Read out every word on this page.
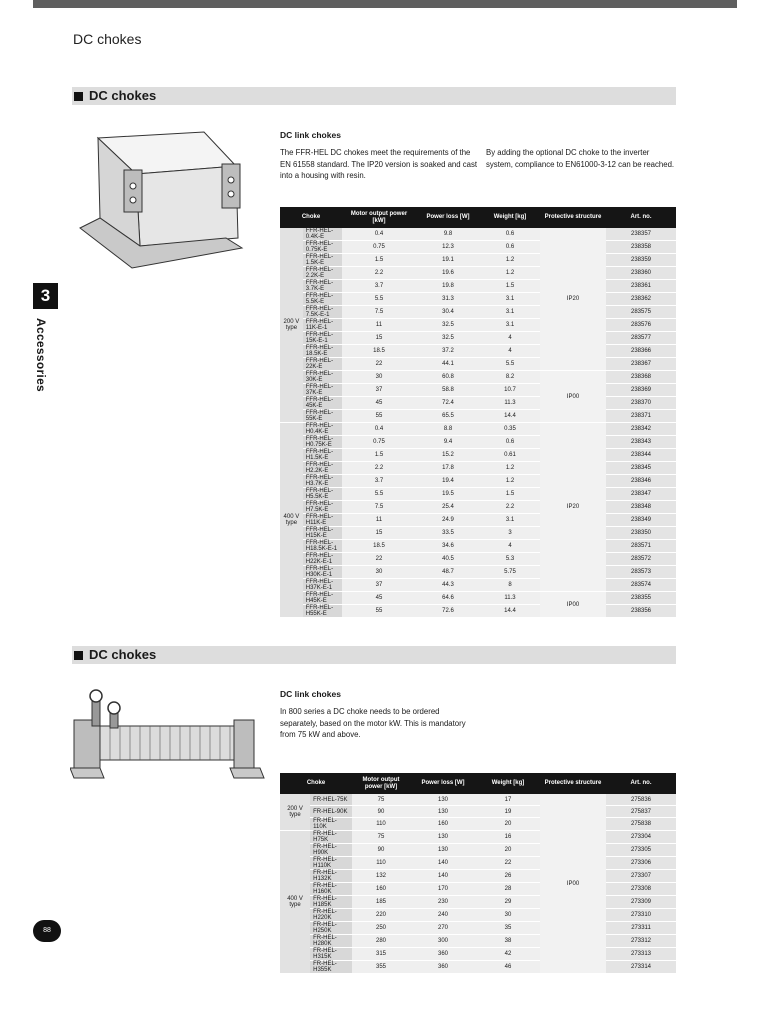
DC chokes
3
Accessories
88
DC chokes
DC link chokes
The FFR-HEL DC chokes meet the requirements of the EN 61558 standard. The IP20 version is soaked and cast into a housing with resin.
By adding the optional DC choke to the inverter system, compliance to EN61000-3-12 can be reached.
Choke		Motor output power [kW]	Power loss [W]	Weight [kg]	Protective structure	Art. no.
200 V type	FFR-HEL-0.4K-E	0.4	9.8	0.6	IP20	238357
	FFR-HEL-0.75K-E	0.75	12.3	0.6		238358
	FFR-HEL-1.5K-E	1.5	19.1	1.2		238359
	FFR-HEL-2.2K-E	2.2	19.6	1.2		238360
	FFR-HEL-3.7K-E	3.7	19.8	1.5		238361
	FFR-HEL-5.5K-E	5.5	31.3	3.1		238362
	FFR-HEL-7.5K-E-1	7.5	30.4	3.1		283575
	FFR-HEL-11K-E-1	11	32.5	3.1		283576
	FFR-HEL-15K-E-1	15	32.5	4		283577
	FFR-HEL-18.5K-E	18.5	37.2	4		238366
	FFR-HEL-22K-E	22	44.1	5.5		238367
	FFR-HEL-30K-E	30	60.8	8.2	IP00	238368
	FFR-HEL-37K-E	37	58.8	10.7		238369
	FFR-HEL-45K-E	45	72.4	11.3		238370
	FFR-HEL-55K-E	55	65.5	14.4		238371
400 V type	FFR-HEL-H0.4K-E	0.4	8.8	0.35	IP20	238342
	FFR-HEL-H0.75K-E	0.75	9.4	0.6		238343
	FFR-HEL-H1.5K-E	1.5	15.2	0.61		238344
	FFR-HEL-H2.2K-E	2.2	17.8	1.2		238345
	FFR-HEL-H3.7K-E	3.7	19.4	1.2		238346
	FFR-HEL-H5.5K-E	5.5	19.5	1.5		238347
	FFR-HEL-H7.5K-E	7.5	25.4	2.2		238348
	FFR-HEL-H11K-E	11	24.9	3.1		238349
	FFR-HEL-H15K-E	15	33.5	3		238350
	FFR-HEL-H18.5K-E-1	18.5	34.6	4		283571
	FFR-HEL-H22K-E-1	22	40.5	5.3		283572
	FFR-HEL-H30K-E-1	30	48.7	5.75		283573
	FFR-HEL-H37K-E-1	37	44.3	8		283574
	FFR-HEL-H45K-E	45	64.6	11.3	IP00	238355
	FFR-HEL-H55K-E	55	72.6	14.4		238356
DC chokes
DC link chokes
In 800 series a DC choke needs to be ordered separately, based on the motor kW. This is mandatory from 75 kW and above.
Choke		Motor output power [kW]	Power loss [W]	Weight [kg]	Protective structure	Art. no.
200 V type	FR-HEL-75K	75	130	17	IP00	275836
	FR-HEL-90K	90	130	19		275837
	FR-HEL-110K	110	160	20		275838
400 V type	FR-HEL-H75K	75	130	16		273304
	FR-HEL-H90K	90	130	20		273305
	FR-HEL-H110K	110	140	22		273306
	FR-HEL-H132K	132	140	26		273307
	FR-HEL-H160K	160	170	28		273308
	FR-HEL-H185K	185	230	29		273309
	FR-HEL-H220K	220	240	30		273310
	FR-HEL-H250K	250	270	35		273311
	FR-HEL-H280K	280	300	38		273312
	FR-HEL-H315K	315	360	42		273313
	FR-HEL-H355K	355	360	46		273314
